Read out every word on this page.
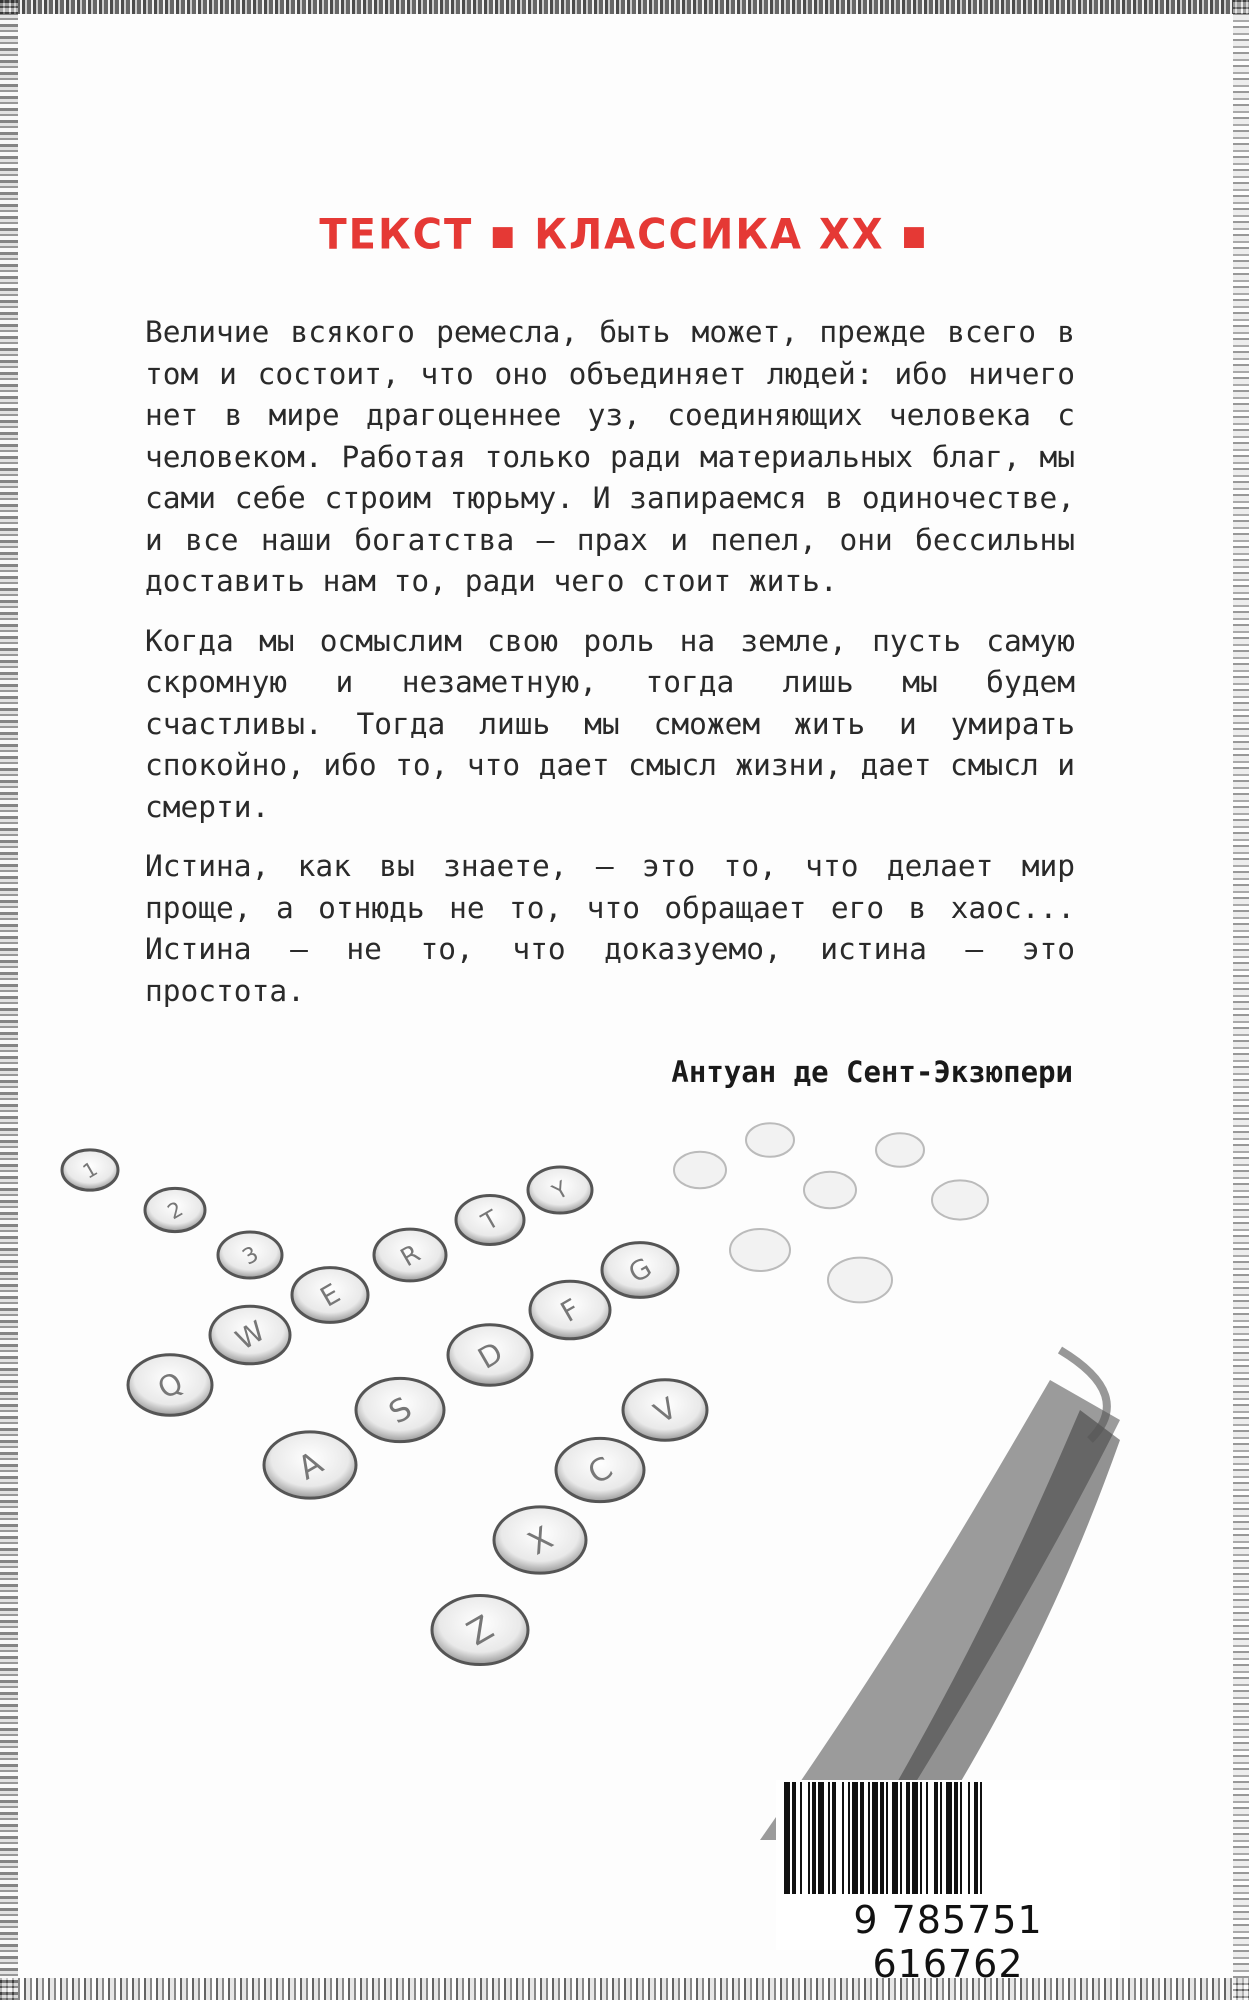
ТЕКСТ ▪ КЛАССИКА XX ▪

Величие всякого ремесла, быть может, прежде всего в том и состоит, что оно объединяет людей: ибо ничего нет в мире драгоценнее уз, соединяющих человека с человеком. Работая только ради материальных благ, мы сами себе строим тюрьму. И запираемся в одиночестве, и все наши богатства — прах и пепел, они бессильны доставить нам то, ради чего стоит жить.

Когда мы осмыслим свою роль на земле, пусть самую скромную и незаметную, тогда лишь мы будем счастливы. Тогда лишь мы сможем жить и умирать спокойно, ибо то, что дает смысл жизни, дает смысл и смерти.

Истина, как вы знаете, – это то, что делает мир проще, а отнюдь не то, что обращает его в хаос... Истина — не то, что доказуемо, истина – это простота.

Антуан де Сент-Экзюпери
1
2
3
Q
W
E
R
T
Y
A
S
D
F
G
Z
X
C
V
9 785751 616762
